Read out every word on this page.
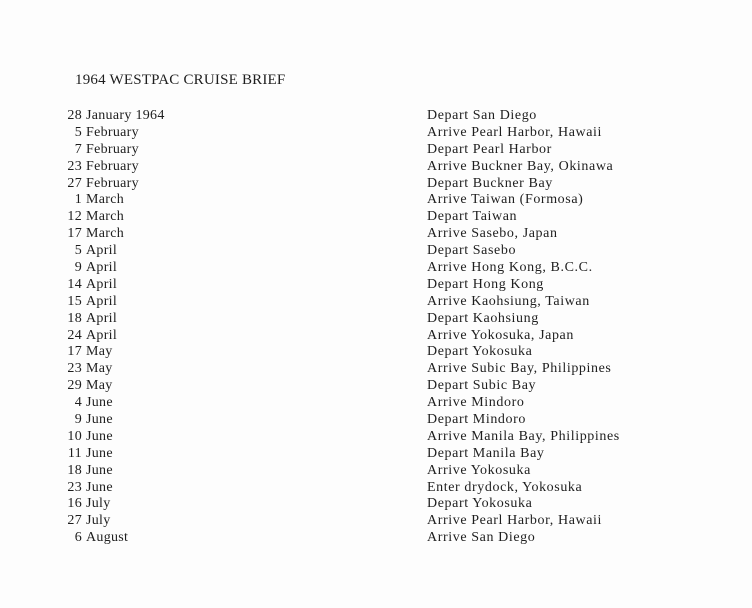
1964 WESTPAC CRUISE BRIEF
28 January 1964	Depart San Diego
5 February	Arrive Pearl Harbor, Hawaii
7 February	Depart Pearl Harbor
23 February	Arrive Buckner Bay, Okinawa
27 February	Depart Buckner Bay
1 March	Arrive Taiwan (Formosa)
12 March	Depart Taiwan
17 March	Arrive Sasebo, Japan
5 April	Depart Sasebo
9 April	Arrive Hong Kong, B.C.C.
14 April	Depart Hong Kong
15 April	Arrive Kaohsiung, Taiwan
18 April	Depart Kaohsiung
24 April	Arrive Yokosuka, Japan
17 May	Depart Yokosuka
23 May	Arrive Subic Bay, Philippines
29 May	Depart Subic Bay
4 June	Arrive Mindoro
9 June	Depart Mindoro
10 June	Arrive Manila Bay, Philippines
11 June	Depart Manila Bay
18 June	Arrive Yokosuka
23 June	Enter drydock, Yokosuka
16 July	Depart Yokosuka
27 July	Arrive Pearl Harbor, Hawaii
6 August	Arrive San Diego
